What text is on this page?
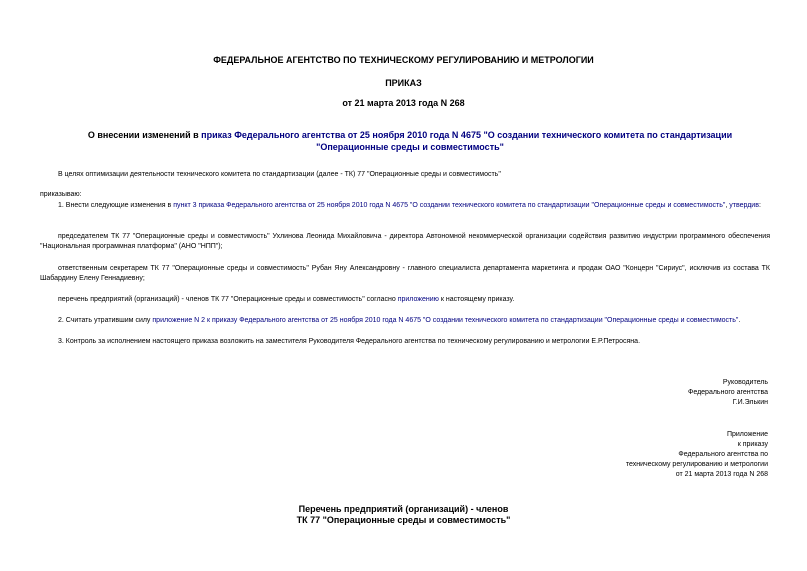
ФЕДЕРАЛЬНОЕ АГЕНТСТВО ПО ТЕХНИЧЕСКОМУ РЕГУЛИРОВАНИЮ И МЕТРОЛОГИИ
ПРИКАЗ
от 21 марта 2013 года N 268
О внесении изменений в приказ Федерального агентства от 25 ноября 2010 года N 4675 "О создании технического комитета по стандартизации "Операционные среды и совместимость"
В целях оптимизации деятельности технического комитета по стандартизации (далее - ТК) 77 "Операционные среды и совместимость"
приказываю:
1. Внести следующие изменения в пункт 3 приказа Федерального агентства от 25 ноября 2010 года N 4675 "О создании технического комитета по стандартизации "Операционные среды и совместимость", утвердив:
председателем ТК 77 "Операционные среды и совместимость" Ухлинова Леонида Михайловича - директора Автономной некоммерческой организации содействия развитию индустрии программного обеспечения "Национальная программная платформа" (АНО "НПП");
ответственным секретарем ТК 77 "Операционные среды и совместимость" Рубан Яну Александровну - главного специалиста департамента маркетинга и продаж ОАО "Концерн "Сириус", исключив из состава ТК Шабардину Елену Геннадиевну;
перечень предприятий (организаций) - членов ТК 77 "Операционные среды и совместимость" согласно приложению к настоящему приказу.
2. Считать утратившим силу приложение N 2 к приказу Федерального агентства от 25 ноября 2010 года N 4675 "О создании технического комитета по стандартизации "Операционные среды и совместимость".
3. Контроль за исполнением настоящего приказа возложить на заместителя Руководителя Федерального агентства по техническому регулированию и метрологии Е.Р.Петросяна.
Руководитель
Федерального агентства
Г.И.Элькин
Приложение
к приказу
Федерального агентства по
техническому регулированию и метрологии
от 21 марта 2013 года N 268
Перечень предприятий (организаций) - членов
ТК 77 "Операционные среды и совместимость"
